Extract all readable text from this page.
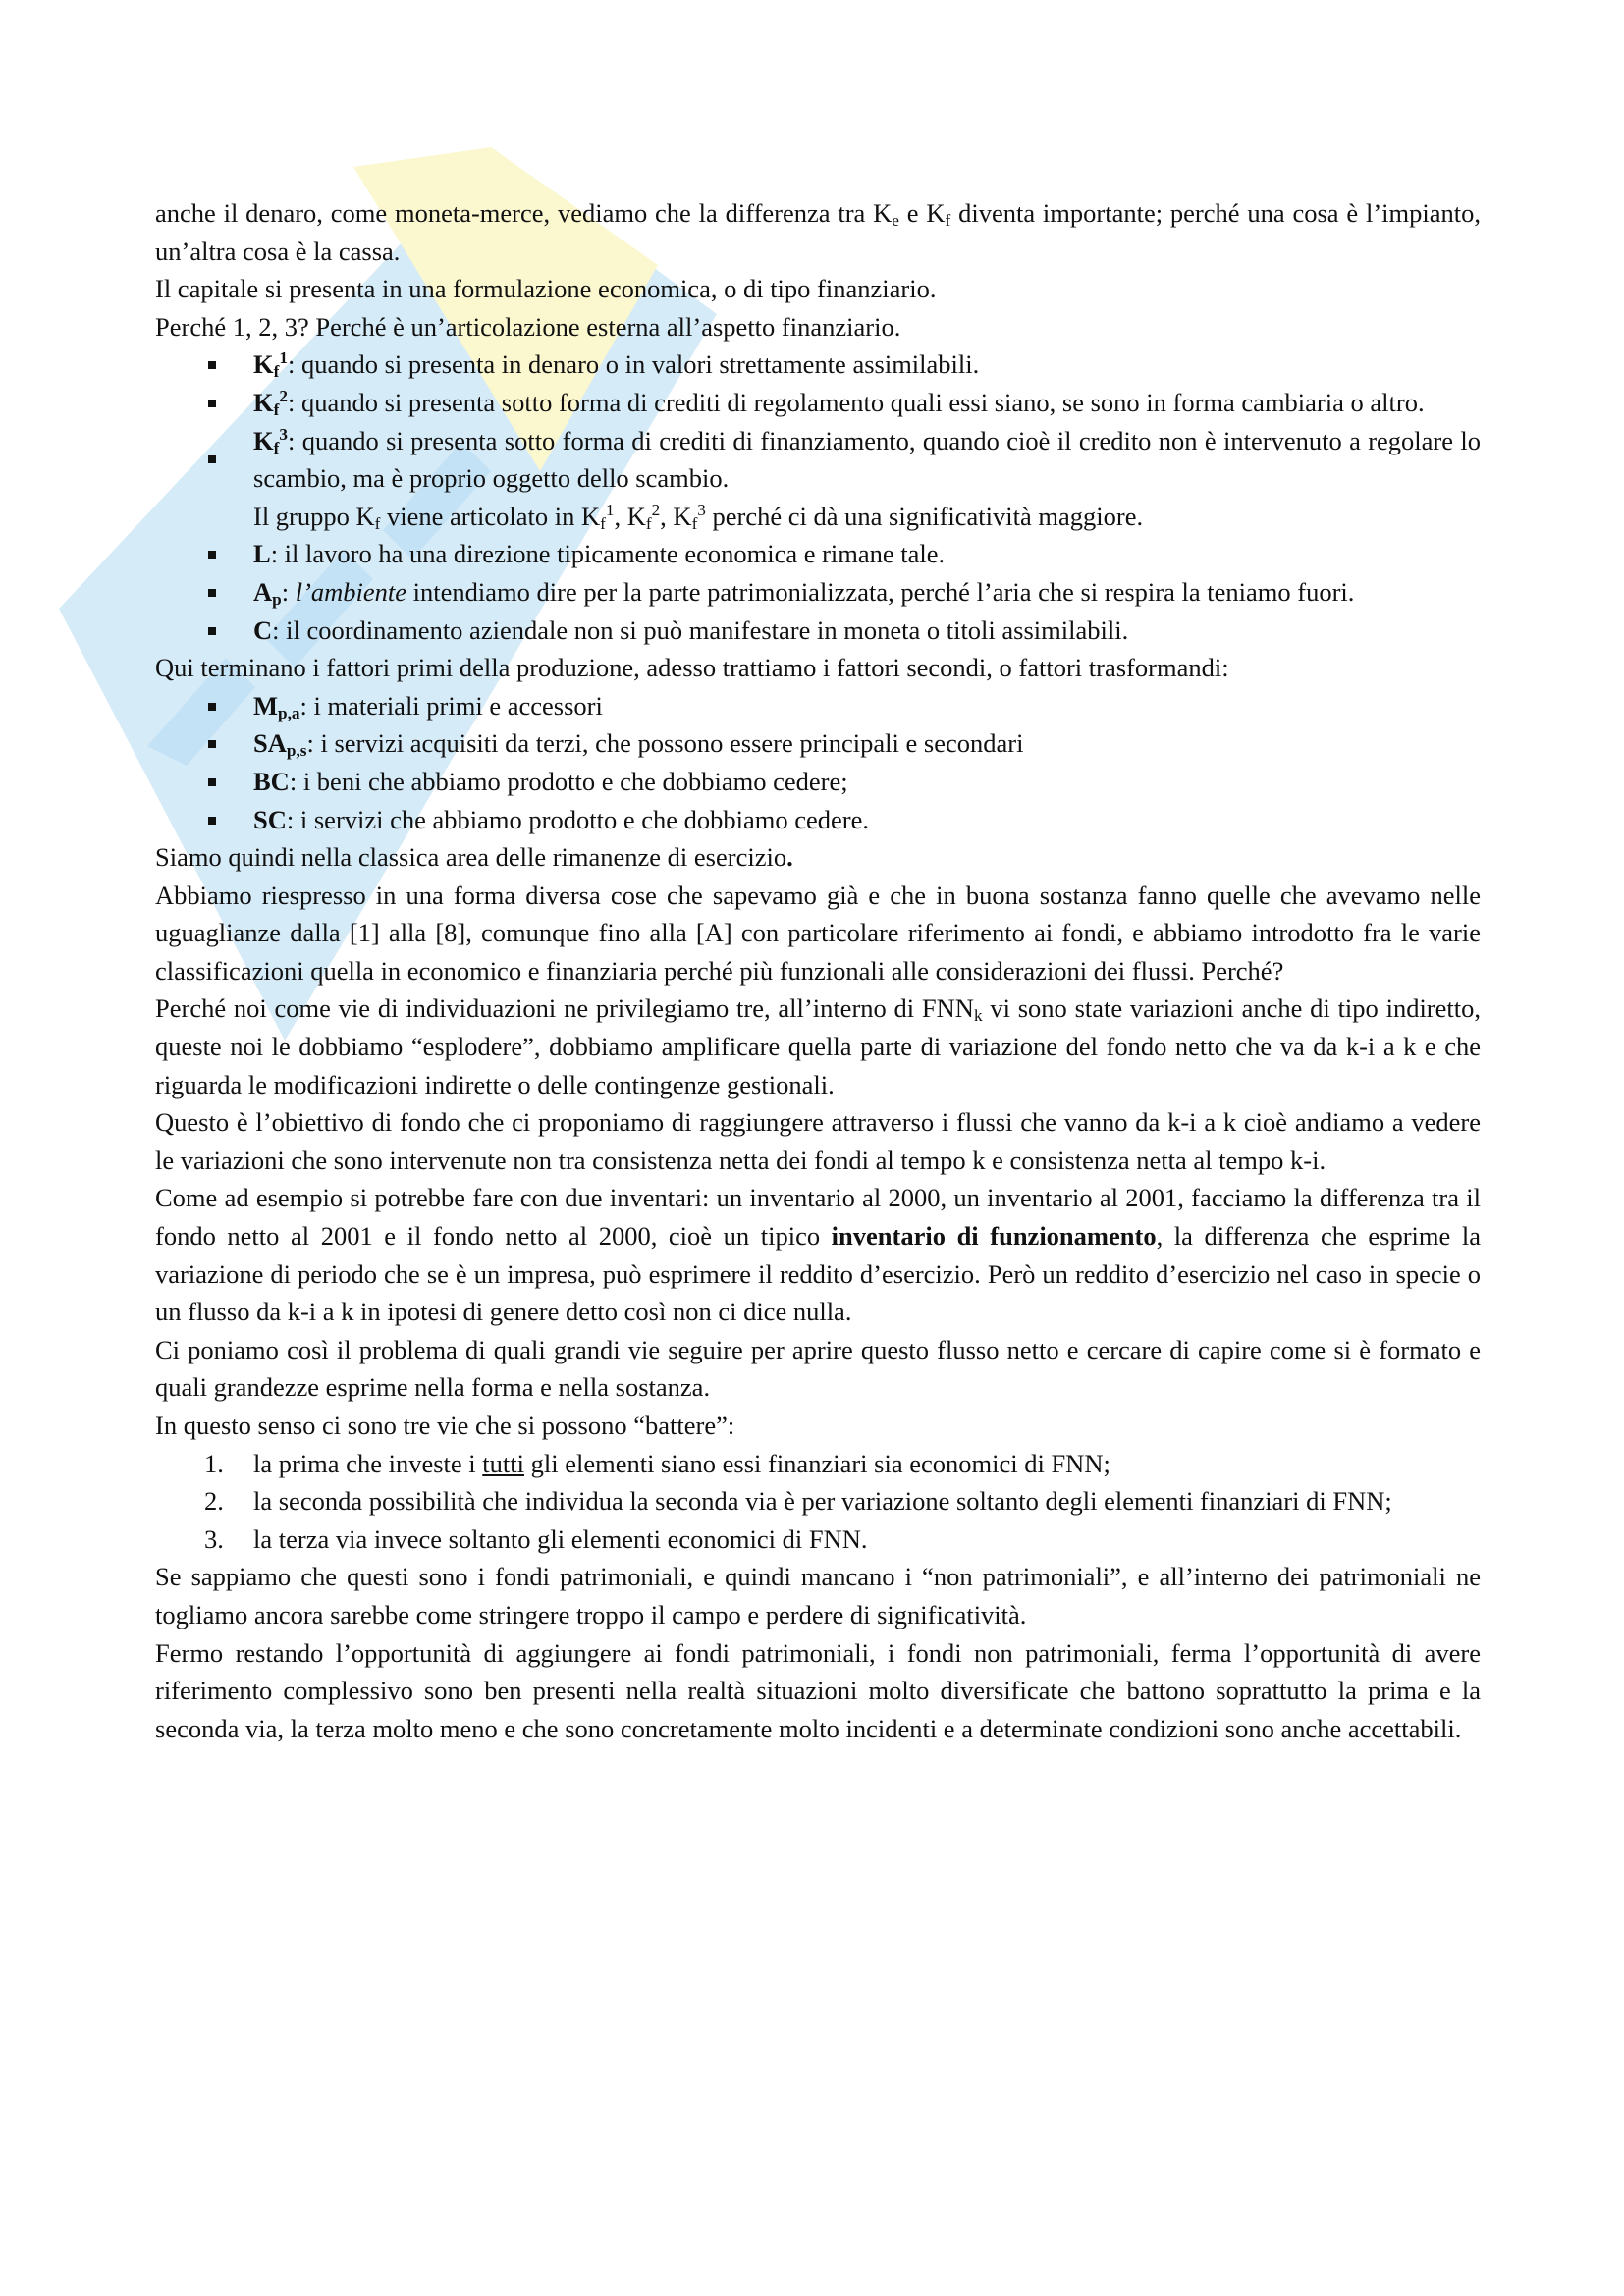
anche il denaro, come moneta-merce, vediamo che la differenza tra $K_e$ e $K_f$ diventa importante; perché una cosa è l’impianto, un’altra cosa è la cassa.

Il capitale si presenta in una formulazione economica, o di tipo finanziario.

Perché 1, 2, 3? Perché è un’articolazione esterna all’aspetto finanziario.

$K_f^1$: quando si presenta in denaro o in valori strettamente assimilabili.
$K_f^2$: quando si presenta sotto forma di crediti di regolamento quali essi siano, se sono in forma cambiaria o altro.
$K_f^3$: quando si presenta sotto forma di crediti di finanziamento, quando cioè il credito non è intervenuto a regolare lo scambio, ma è proprio oggetto dello scambio.
Il gruppo $K_f$ viene articolato in $K_f^1$, $K_f^2$, $K_f^3$ perché ci dà una significatività maggiore.
L: il lavoro ha una direzione tipicamente economica e rimane tale.
$A_p$: l’ambiente intendiamo dire per la parte patrimonializzata, perché l’aria che si respira la teniamo fuori.
C: il coordinamento aziendale non si può manifestare in moneta o titoli assimilabili.

Qui terminano i fattori primi della produzione, adesso trattiamo i fattori secondi, o fattori trasformandi:

$M_{p,a}$: i materiali primi e accessori
$SA_{p,s}$: i servizi acquisiti da terzi, che possono essere principali e secondari
BC: i beni che abbiamo prodotto e che dobbiamo cedere;
SC: i servizi che abbiamo prodotto e che dobbiamo cedere.

Siamo quindi nella classica area delle rimanenze di esercizio.

Abbiamo riespresso in una forma diversa cose che sapevamo già e che in buona sostanza fanno quelle che avevamo nelle uguaglianze dalla [1] alla [8], comunque fino alla [A] con particolare riferimento ai fondi, e abbiamo introdotto fra le varie classificazioni quella in economico e finanziaria perché più funzionali alle considerazioni dei flussi. Perché?

Perché noi come vie di individuazioni ne privilegiamo tre, all’interno di $FNN_k$ vi sono state variazioni anche di tipo indiretto, queste noi le dobbiamo “esplodere”, dobbiamo amplificare quella parte di variazione del fondo netto che va da k-i a k e che riguarda le modificazioni indirette o delle contingenze gestionali.

Questo è l’obiettivo di fondo che ci proponiamo di raggiungere attraverso i flussi che vanno da k-i a k cioè andiamo a vedere le variazioni che sono intervenute non tra consistenza netta dei fondi al tempo k e consistenza netta al tempo k-i.

Come ad esempio si potrebbe fare con due inventari: un inventario al 2000, un inventario al 2001, facciamo la differenza tra il fondo netto al 2001 e il fondo netto al 2000, cioè un tipico inventario di funzionamento, la differenza che esprime la variazione di periodo che se è un impresa, può esprimere il reddito d’esercizio. Però un reddito d’esercizio nel caso in specie o un flusso da k-i a k in ipotesi di genere detto così non ci dice nulla.

Ci poniamo così il problema di quali grandi vie seguire per aprire questo flusso netto e cercare di capire come si è formato e quali grandezze esprime nella forma e nella sostanza.

In questo senso ci sono tre vie che si possono “battere”:

1. la prima che investe i tutti gli elementi siano essi finanziari sia economici di FNN;
2. la seconda possibilità che individua la seconda via è per variazione soltanto degli elementi finanziari di FNN;
3. la terza via invece soltanto gli elementi economici di FNN.

Se sappiamo che questi sono i fondi patrimoniali, e quindi mancano i “non patrimoniali”, e all’interno dei patrimoniali ne togliamo ancora sarebbe come stringere troppo il campo e perdere di significatività.

Fermo restando l’opportunità di aggiungere ai fondi patrimoniali, i fondi non patrimoniali, ferma l’opportunità di avere riferimento complessivo sono ben presenti nella realtà situazioni molto diversificate che battono soprattutto la prima e la seconda via, la terza molto meno e che sono concretamente molto incidenti e a determinate condizioni sono anche accettabili.
